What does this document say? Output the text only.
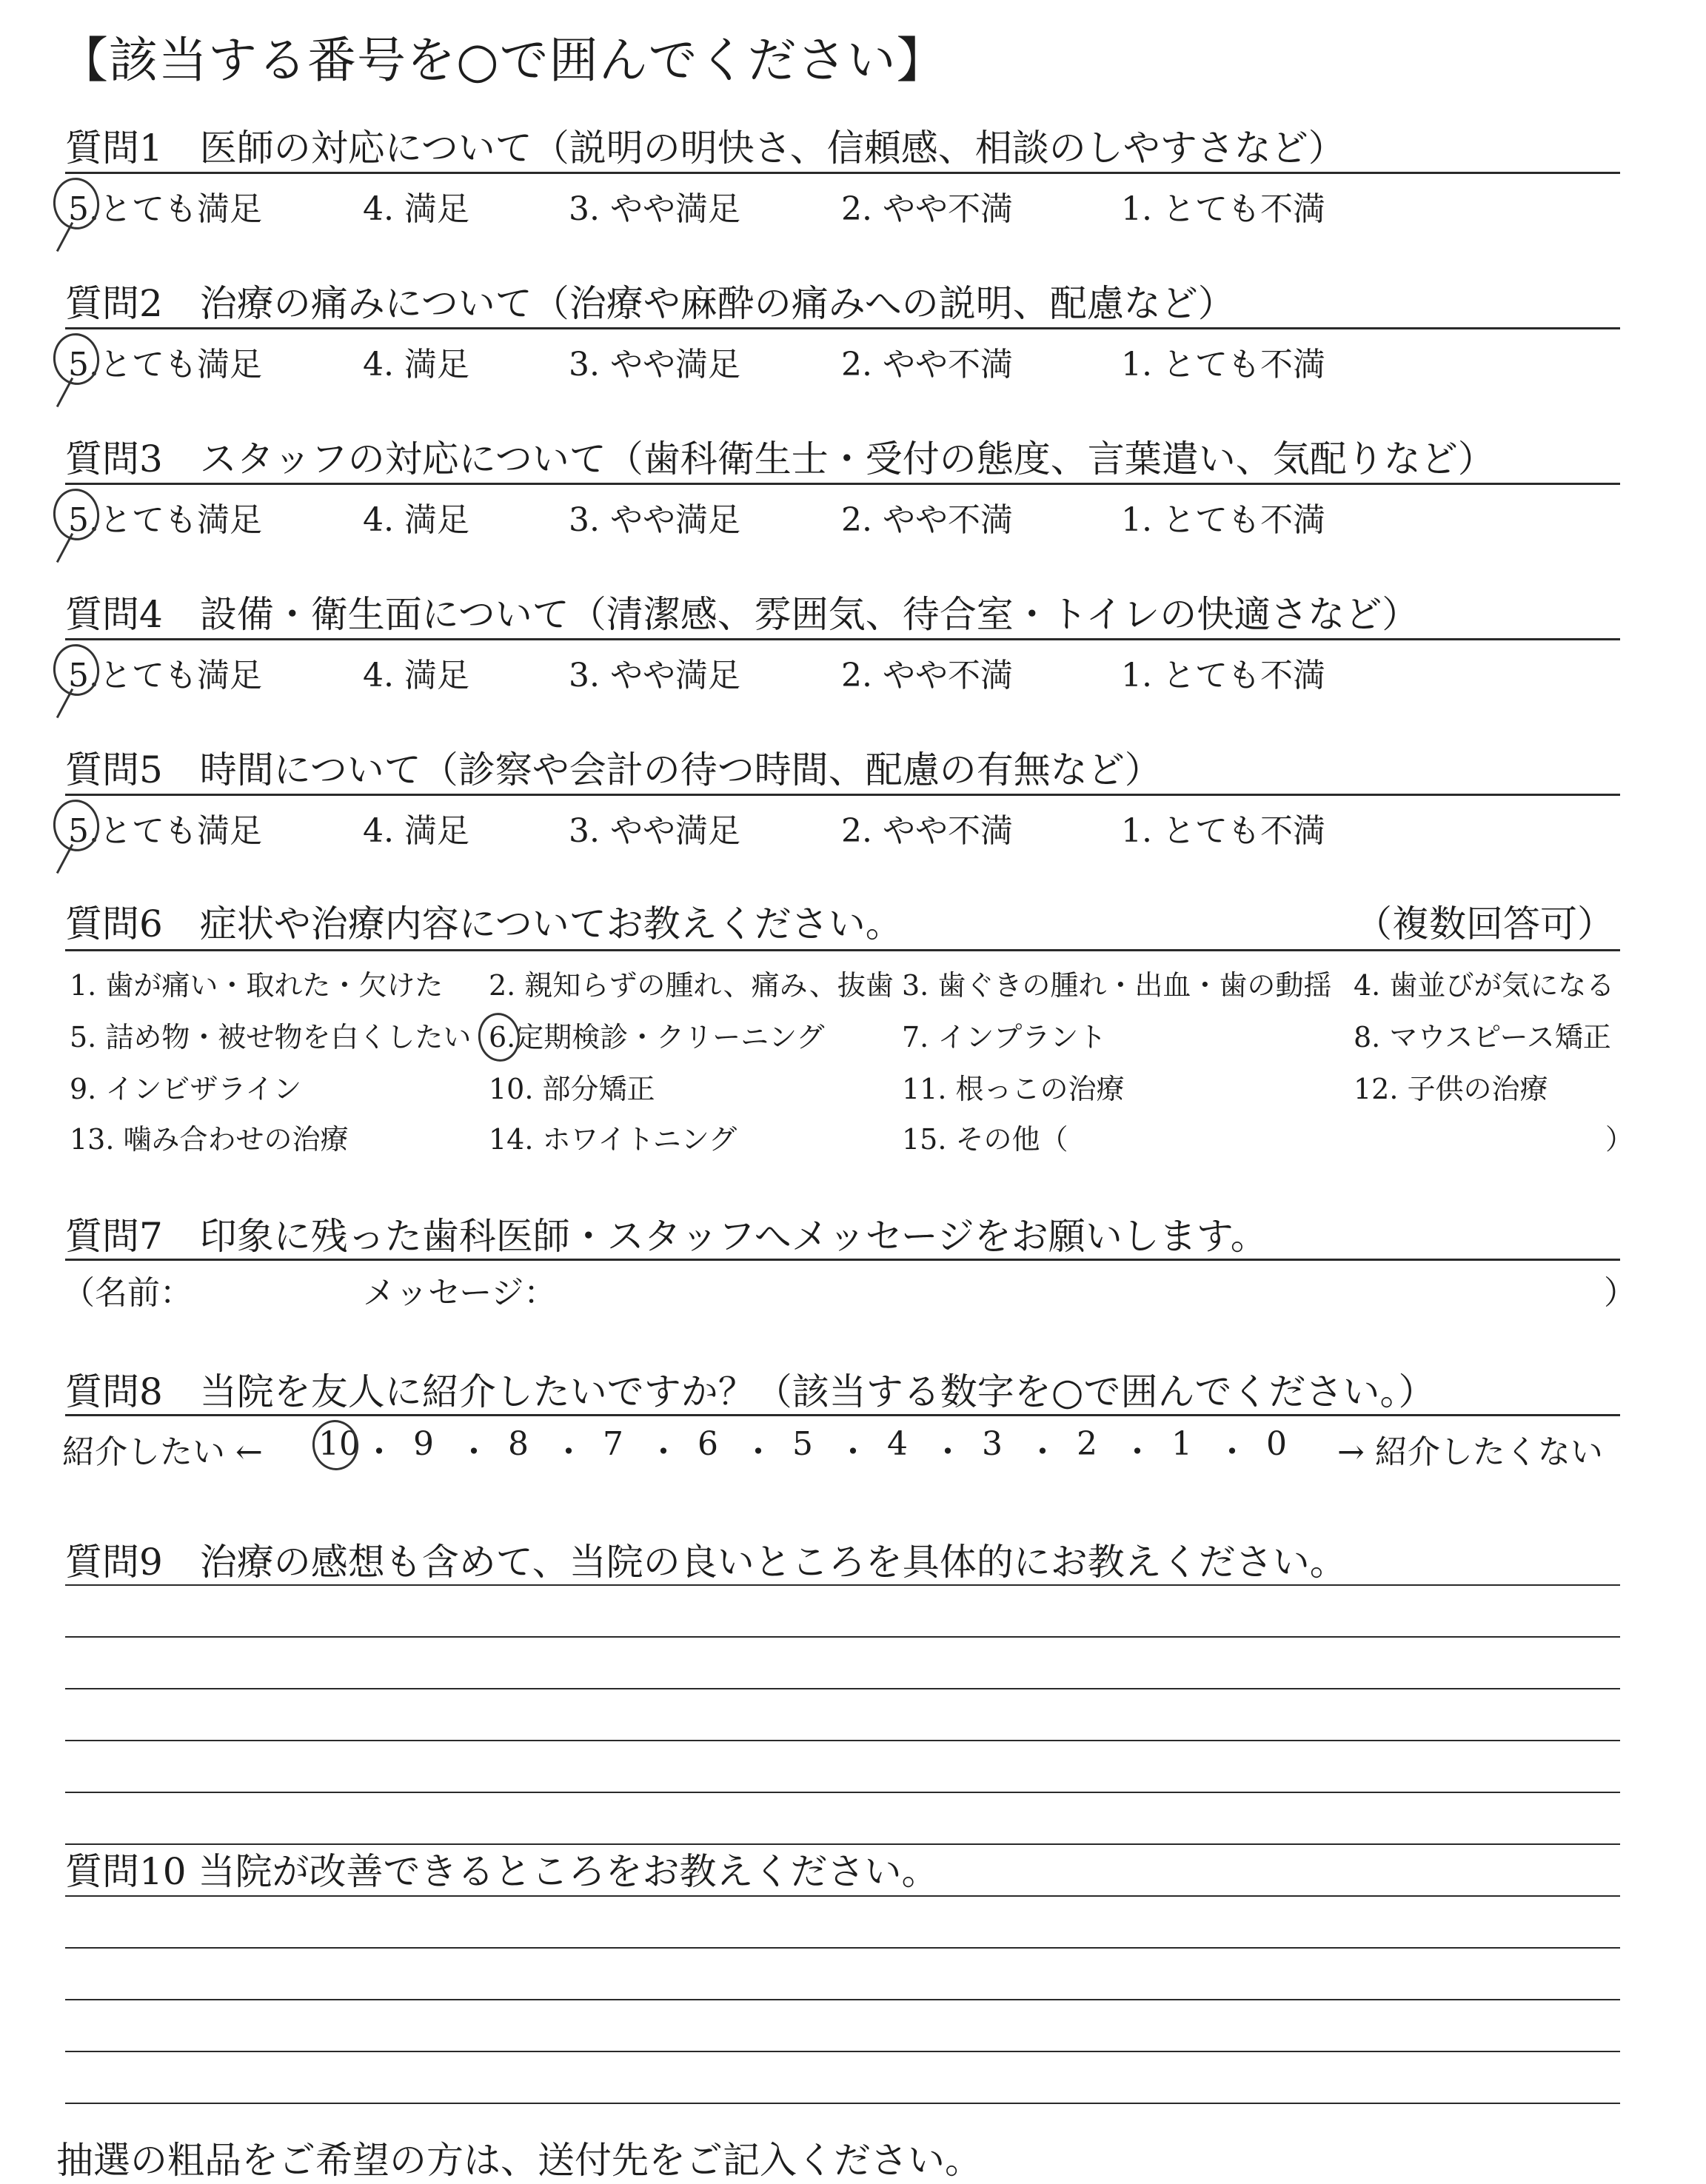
【該当する番号を○で囲んでください】
質問1　医師の対応について（説明の明快さ、信頼感、相談のしやすさなど）
5.とても満足	4. 満足	3. やや満足	2. やや不満	1. とても不満
質問2　治療の痛みについて（治療や麻酔の痛みへの説明、配慮など）
5.とても満足	4. 満足	3. やや満足	2. やや不満	1. とても不満
質問3　スタッフの対応について（歯科衛生士・受付の態度、言葉遣い、気配りなど）
5.とても満足	4. 満足	3. やや満足	2. やや不満	1. とても不満
質問4　設備・衛生面について（清潔感、雰囲気、待合室・トイレの快適さなど）
5.とても満足	4. 満足	3. やや満足	2. やや不満	1. とても不満
質問5　時間について（診察や会計の待つ時間、配慮の有無など）
5.とても満足	4. 満足	3. やや満足	2. やや不満	1. とても不満
質問6　症状や治療内容についてお教えください。	（複数回答可）
1. 歯が痛い・取れた・欠けた 2. 親知らずの腫れ、痛み、抜歯 3. 歯ぐきの腫れ・出血・歯の動揺 4. 歯並びが気になる
5. 詰め物・被せ物を白くしたい 6.定期検診・クリーニング	7. インプラント	8. マウスピース矯正
9. インビザライン	10. 部分矯正	11. 根っこの治療	12. 子供の治療
13. 噛み合わせの治療	14. ホワイトニング	15. その他（	）
質問7　印象に残った歯科医師・スタッフへメッセージをお願いします。
（名前：	メッセージ：	）
質問8　当院を友人に紹介したいですか？（該当する数字を○で囲んでください。）
紹介したい ← 10 ・ 9 ・ 8 ・ 7 ・ 6 ・ 5 ・ 4 ・ 3 ・ 2 ・ 1 ・ 0 → 紹介したくない
質問9　治療の感想も含めて、当院の良いところを具体的にお教えください。
質問10 当院が改善できるところをお教えください。
抽選の粗品をご希望の方は、送付先をご記入ください。
